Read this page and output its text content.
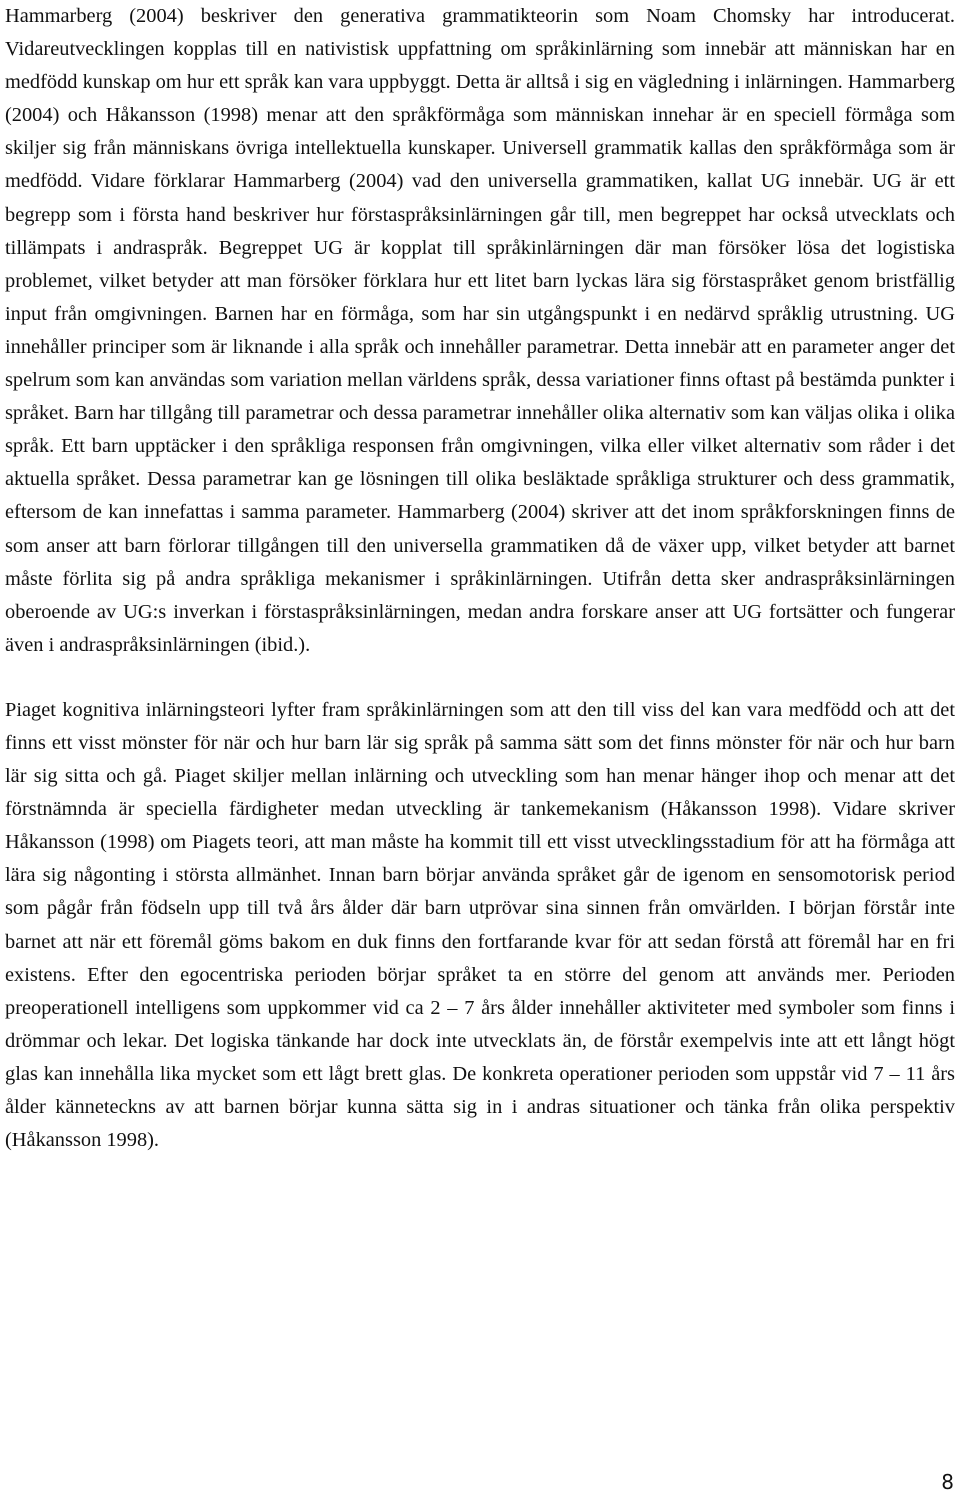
Hammarberg (2004) beskriver den generativa grammatikteorin som Noam Chomsky har introducerat. Vidareutvecklingen kopplas till en nativistisk uppfattning om språkinlärning som innebär att människan har en medfödd kunskap om hur ett språk kan vara uppbyggt. Detta är alltså i sig en vägledning i inlärningen. Hammarberg (2004) och Håkansson (1998) menar att den språkförmåga som människan innehar är en speciell förmåga som skiljer sig från människans övriga intellektuella kunskaper. Universell grammatik kallas den språkförmåga som är medfödd. Vidare förklarar Hammarberg (2004) vad den universella grammatiken, kallat UG innebär. UG är ett begrepp som i första hand beskriver hur förstaspråksinlärningen går till, men begreppet har också utvecklats och tillämpats i andraspråk. Begreppet UG är kopplat till språkinlärningen där man försöker lösa det logistiska problemet, vilket betyder att man försöker förklara hur ett litet barn lyckas lära sig förstaspråket genom bristfällig input från omgivningen. Barnen har en förmåga, som har sin utgångspunkt i en nedärvd språklig utrustning. UG innehåller principer som är liknande i alla språk och innehåller parametrar. Detta innebär att en parameter anger det spelrum som kan användas som variation mellan världens språk, dessa variationer finns oftast på bestämda punkter i språket. Barn har tillgång till parametrar och dessa parametrar innehåller olika alternativ som kan väljas olika i olika språk. Ett barn upptäcker i den språkliga responsen från omgivningen, vilka eller vilket alternativ som råder i det aktuella språket. Dessa parametrar kan ge lösningen till olika besläktade språkliga strukturer och dess grammatik, eftersom de kan innefattas i samma parameter. Hammarberg (2004) skriver att det inom språkforskningen finns de som anser att barn förlorar tillgången till den universella grammatiken då de växer upp, vilket betyder att barnet måste förlita sig på andra språkliga mekanismer i språkinlärningen. Utifrån detta sker andraspråksinlärningen oberoende av UG:s inverkan i förstaspråksinlärningen, medan andra forskare anser att UG fortsätter och fungerar även i andraspråksinlärningen (ibid.).

Piaget kognitiva inlärningsteori lyfter fram språkinlärningen som att den till viss del kan vara medfödd och att det finns ett visst mönster för när och hur barn lär sig språk på samma sätt som det finns mönster för när och hur barn lär sig sitta och gå. Piaget skiljer mellan inlärning och utveckling som han menar hänger ihop och menar att det förstnämnda är speciella färdigheter medan utveckling är tankemekanism (Håkansson 1998). Vidare skriver Håkansson (1998) om Piagets teori, att man måste ha kommit till ett visst utvecklingsstadium för att ha förmåga att lära sig någonting i största allmänhet. Innan barn börjar använda språket går de igenom en sensomotorisk period som pågår från födseln upp till två års ålder där barn utprövar sina sinnen från omvärlden. I början förstår inte barnet att när ett föremål göms bakom en duk finns den fortfarande kvar för att sedan förstå att föremål har en fri existens. Efter den egocentriska perioden börjar språket ta en större del genom att används mer. Perioden preoperationell intelligens som uppkommer vid ca 2 – 7 års ålder innehåller aktiviteter med symboler som finns i drömmar och lekar. Det logiska tänkande har dock inte utvecklats än, de förstår exempelvis inte att ett långt högt glas kan innehålla lika mycket som ett lågt brett glas. De konkreta operationer perioden som uppstår vid 7 – 11 års ålder känneteckns av att barnen börjar kunna sätta sig in i andras situationer och tänka från olika perspektiv (Håkansson 1998).

8
